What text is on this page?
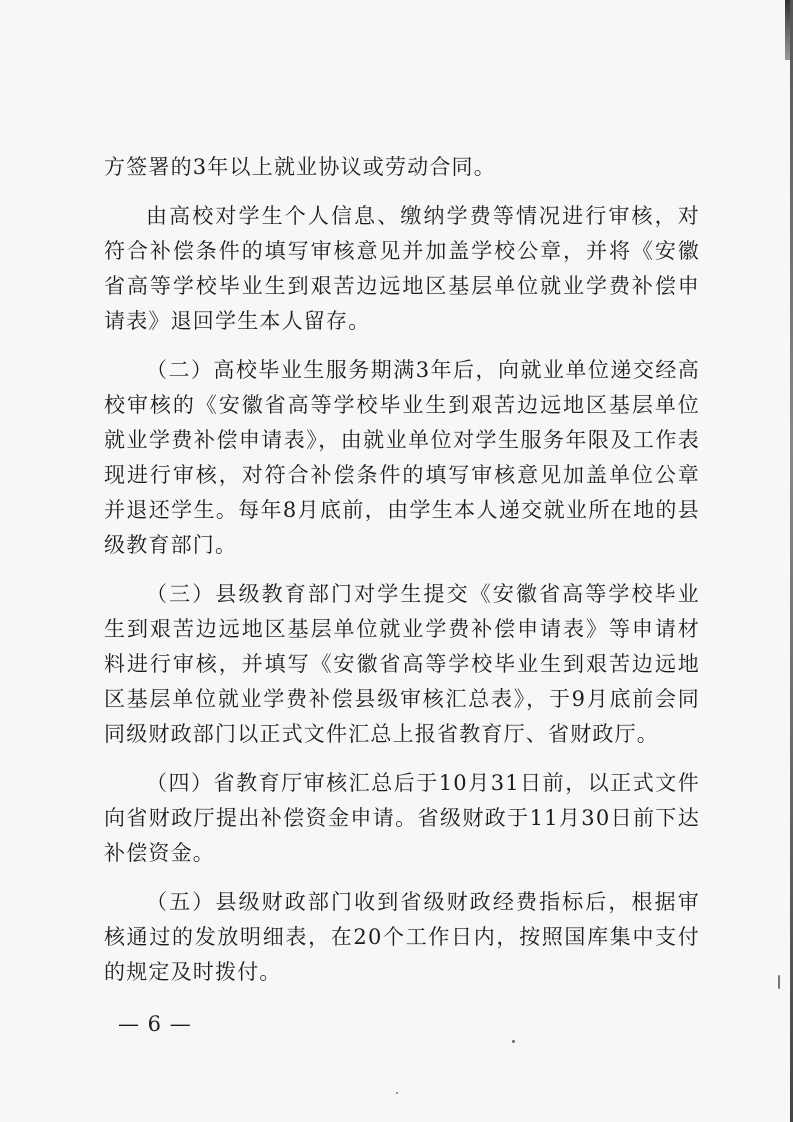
方签署的3年以上就业协议或劳动合同。

由高校对学生个人信息、缴纳学费等情况进行审核，对符合补偿条件的填写审核意见并加盖学校公章，并将《安徽省高等学校毕业生到艰苦边远地区基层单位就业学费补偿申请表》退回学生本人留存。

（二）高校毕业生服务期满3年后，向就业单位递交经高校审核的《安徽省高等学校毕业生到艰苦边远地区基层单位就业学费补偿申请表》，由就业单位对学生服务年限及工作表现进行审核，对符合补偿条件的填写审核意见加盖单位公章并退还学生。每年8月底前，由学生本人递交就业所在地的县级教育部门。

（三）县级教育部门对学生提交《安徽省高等学校毕业生到艰苦边远地区基层单位就业学费补偿申请表》等申请材料进行审核，并填写《安徽省高等学校毕业生到艰苦边远地区基层单位就业学费补偿县级审核汇总表》，于9月底前会同同级财政部门以正式文件汇总上报省教育厅、省财政厅。

（四）省教育厅审核汇总后于10月31日前，以正式文件向省财政厅提出补偿资金申请。省级财政于11月30日前下达补偿资金。

（五）县级财政部门收到省级财政经费指标后，根据审核通过的发放明细表，在20个工作日内，按照国库集中支付的规定及时拨付。

— 6 —
